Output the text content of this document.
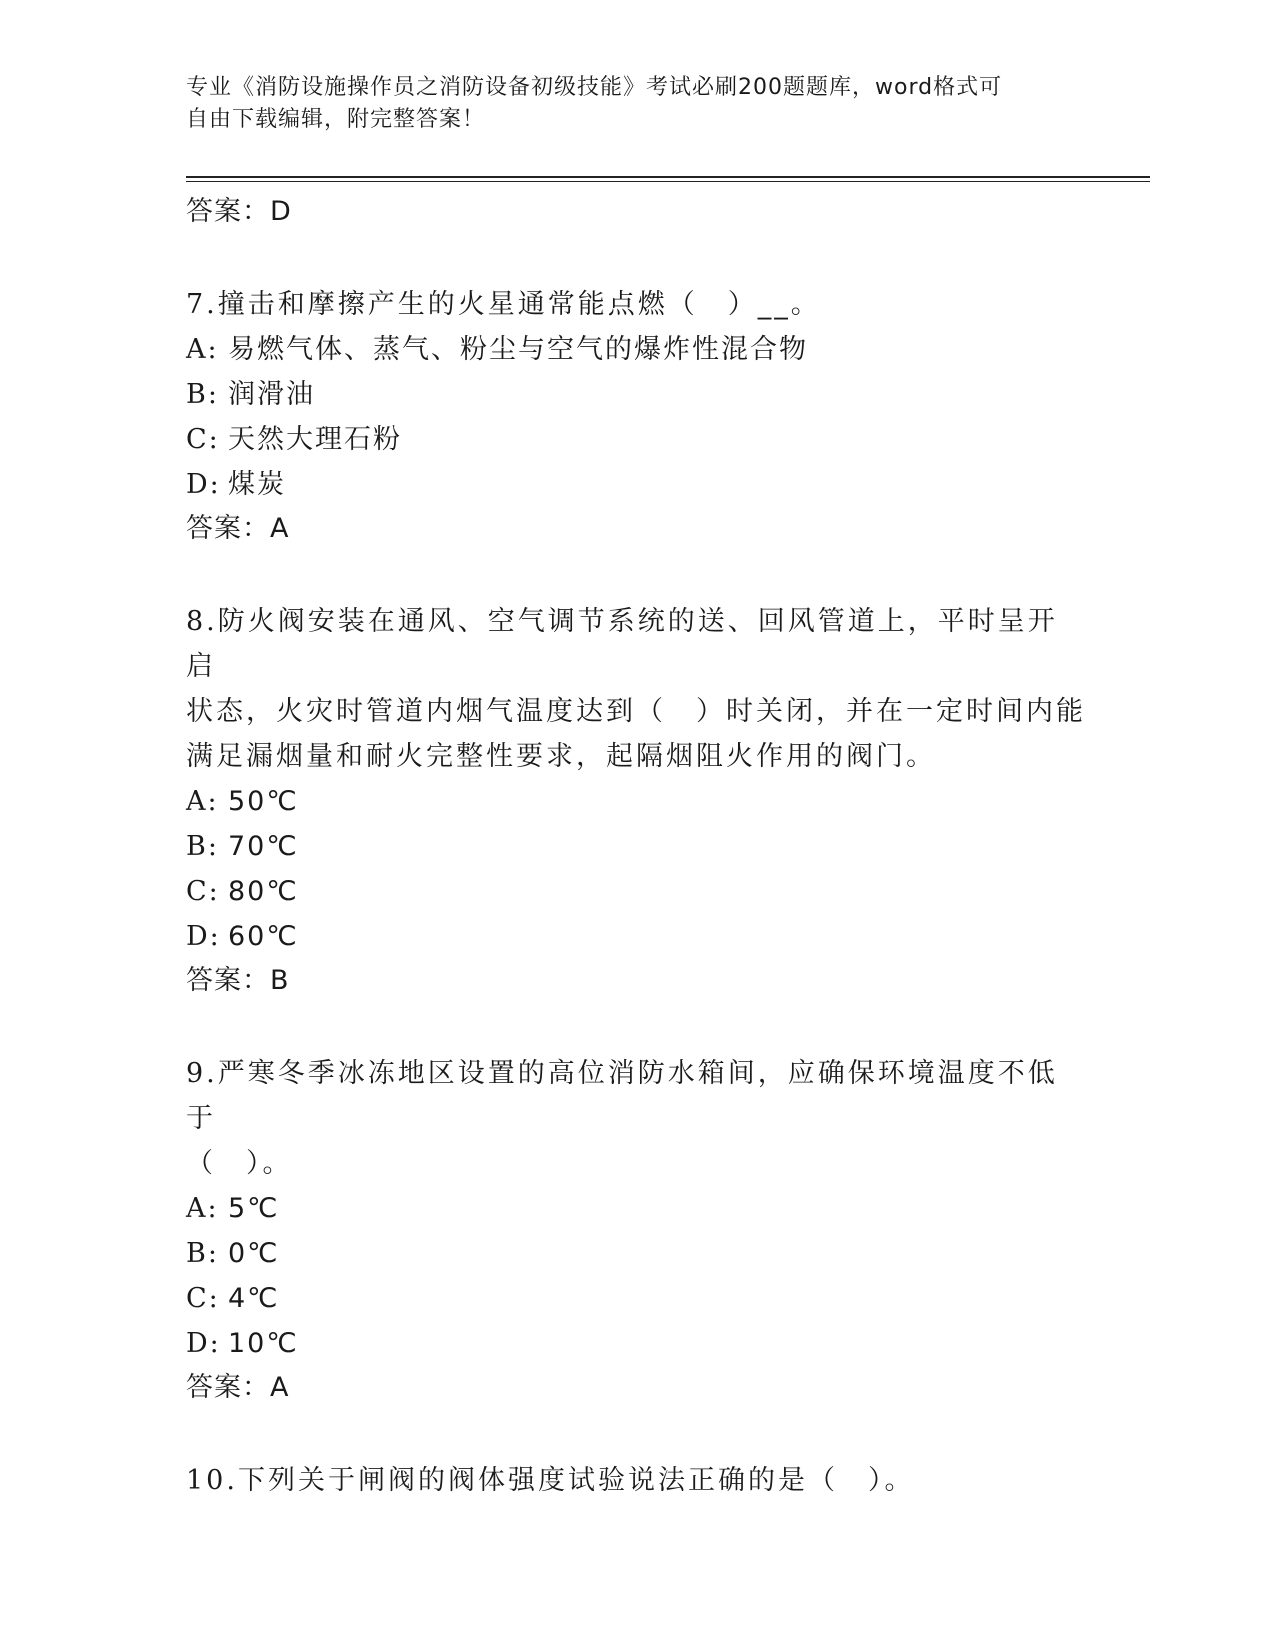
专业《消防设施操作员之消防设备初级技能》考试必刷200题题库，word格式可
自由下载编辑，附完整答案！
答案：D
7.撞击和摩擦产生的火星通常能点燃（　）__。
A: 易燃气体、蒸气、粉尘与空气的爆炸性混合物
B: 润滑油
C: 天然大理石粉
D: 煤炭
答案：A
8.防火阀安装在通风、空气调节系统的送、回风管道上，平时呈开启
状态，火灾时管道内烟气温度达到（　）时关闭，并在一定时间内能
满足漏烟量和耐火完整性要求，起隔烟阻火作用的阀门。
A: 50℃
B: 70℃
C: 80℃
D: 60℃
答案：B
9.严寒冬季冰冻地区设置的高位消防水箱间，应确保环境温度不低于
（　）。
A: 5℃
B: 0℃
C: 4℃
D: 10℃
答案：A
10.下列关于闸阀的阀体强度试验说法正确的是（　）。
